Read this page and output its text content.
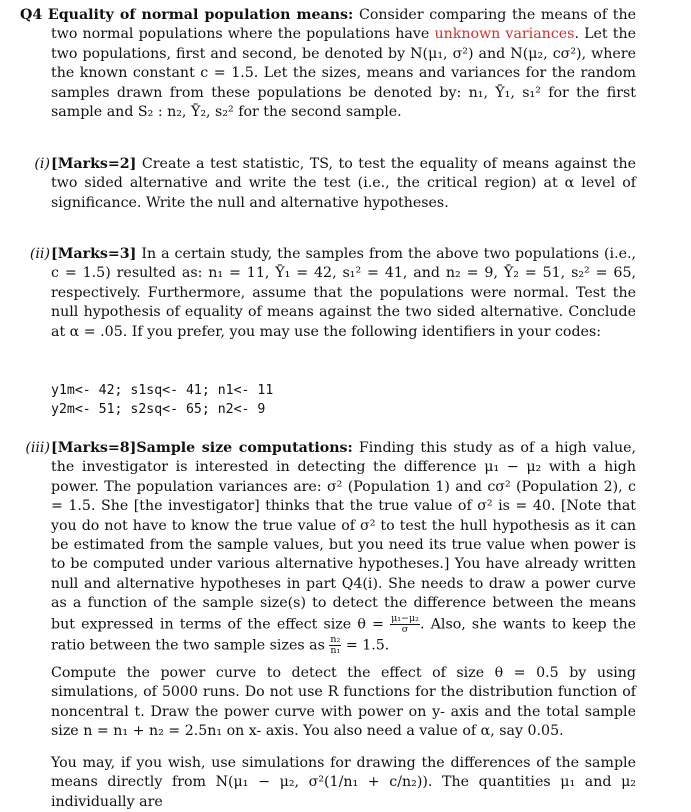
Q4 Equality of normal population means: Consider comparing the means of the two normal populations where the populations have unknown variances. Let the two populations, first and second, be denoted by N(μ₁, σ²) and N(μ₂, cσ²), where the known constant c = 1.5. Let the sizes, means and variances for the random samples drawn from these populations be denoted by: n₁, Ȳ₁, s₁² for the first sample and S₂ : n₂, Ȳ₂, s₂² for the second sample.
(i) [Marks=2] Create a test statistic, TS, to test the equality of means against the two sided alternative and write the test (i.e., the critical region) at α level of significance. Write the null and alternative hypotheses.
(ii) [Marks=3] In a certain study, the samples from the above two populations (i.e., c = 1.5) resulted as: n₁ = 11, Ȳ₁ = 42, s₁² = 41, and n₂ = 9, Ȳ₂ = 51, s₂² = 65, respectively. Furthermore, assume that the populations were normal. Test the null hypothesis of equality of means against the two sided alternative. Conclude at α = .05. If you prefer, you may use the following identifiers in your codes:
y1m<- 42; s1sq<- 41; n1<- 11
y2m<- 51; s2sq<- 65; n2<- 9
(iii) [Marks=8]Sample size computations: Finding this study as of a high value, the investigator is interested in detecting the difference μ₁ − μ₂ with a high power. The population variances are: σ² (Population 1) and cσ² (Population 2), c = 1.5. She [the investigator] thinks that the true value of σ² is = 40. [Note that you do not have to know the true value of σ² to test the hull hypothesis as it can be estimated from the sample values, but you need its true value when power is to be computed under various alternative hypotheses.] You have already written null and alternative hypotheses in part Q4(i). She needs to draw a power curve as a function of the sample size(s) to detect the difference between the means but expressed in terms of the effect size $\theta = \frac{\text{μ₁−μ₂}}{\sigma}$ . Also, she wants to keep the ratio between the two sample sizes as $\frac{\text{n₂}}{\text{n₁}} = 1.5$.
Compute the power curve to detect the effect of size θ = 0.5 by using simulations, of 5000 runs. Do not use R functions for the distribution function of noncentral t. Draw the power curve with power on y- axis and the total sample size n = n₁ + n₂ = 2.5n₁ on x- axis. You also need a value of α, say 0.05.
You may, if you wish, use simulations for drawing the differences of the sample means directly from N(μ₁ − μ₂, σ²(1/n₁ + c/n₂)). The quantities μ₁ and μ₂ individually are
